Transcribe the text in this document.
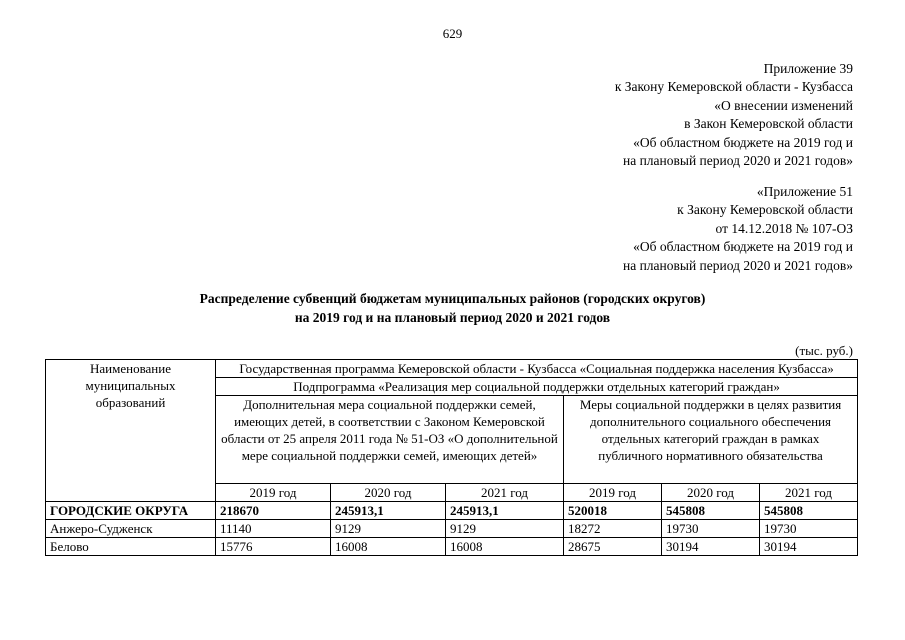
629
Приложение 39
к Закону Кемеровской области - Кузбасса
«О внесении изменений
в Закон Кемеровской области
«Об областном бюджете на 2019 год и
на плановый период 2020 и 2021 годов»
«Приложение 51
к Закону Кемеровской области
от 14.12.2018 № 107-ОЗ
«Об областном бюджете на 2019 год и
на плановый период 2020 и 2021 годов»
Распределение субвенций бюджетам муниципальных районов (городских округов)
на 2019 год и на плановый период 2020 и 2021 годов
(тыс. руб.)
Наименование муниципальных образований	Государственная программа Кемеровской области - Кузбасса «Социальная поддержка населения Кузбасса»					
	Подпрограмма «Реализация мер социальной поддержки отдельных категорий граждан»					
	Дополнительная мера социальной поддержки семей, имеющих детей, в соответствии с Законом Кемеровской области от 25 апреля 2011 года № 51-ОЗ «О дополнительной мере социальной поддержки семей, имеющих детей»			Меры социальной поддержки в целях развития дополнительного социального обеспечения отдельных категорий граждан в рамках публичного нормативного обязательства		
	2019 год	2020 год	2021 год	2019 год	2020 год	2021 год
ГОРОДСКИЕ ОКРУГА	218670	245913,1	245913,1	520018	545808	545808
Анжеро-Судженск	11140	9129	9129	18272	19730	19730
Белово	15776	16008	16008	28675	30194	30194
